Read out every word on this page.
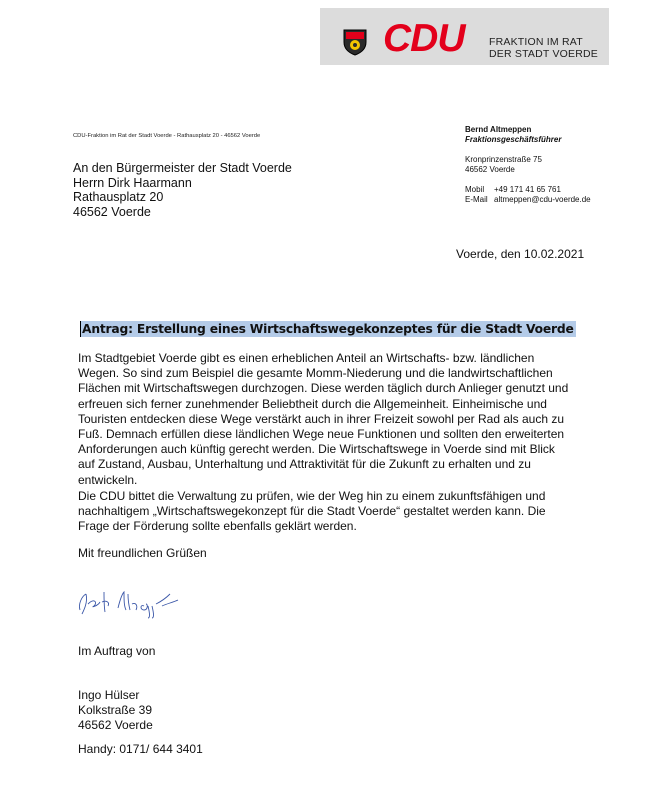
CDU FRAKTION IM RAT
DER STADT VOERDE
CDU-Fraktion im Rat der Stadt Voerde - Rathausplatz 20 - 46562 Voerde
Bernd Altmeppen
Fraktionsgeschäftsführer
Kronprinzenstraße 75
46562 Voerde
Mobil	+49 171 41 65 761
E-Mail altmeppen@cdu-voerde.de
An den Bürgermeister der Stadt Voerde
Herrn Dirk Haarmann
Rathausplatz 20
46562 Voerde
Voerde, den 10.02.2021
Antrag: Erstellung eines Wirtschaftswegekonzeptes für die Stadt Voerde
Im Stadtgebiet Voerde gibt es einen erheblichen Anteil an Wirtschafts- bzw. ländlichen
Wegen. So sind zum Beispiel die gesamte Momm-Niederung und die landwirtschaftlichen
Flächen mit Wirtschaftswegen durchzogen. Diese werden täglich durch Anlieger genutzt und
erfreuen sich ferner zunehmender Beliebtheit durch die Allgemeinheit. Einheimische und
Touristen entdecken diese Wege verstärkt auch in ihrer Freizeit sowohl per Rad als auch zu
Fuß. Demnach erfüllen diese ländlichen Wege neue Funktionen und sollten den erweiterten
Anforderungen auch künftig gerecht werden. Die Wirtschaftswege in Voerde sind mit Blick
auf Zustand, Ausbau, Unterhaltung und Attraktivität für die Zukunft zu erhalten und zu
entwickeln.
Die CDU bittet die Verwaltung zu prüfen, wie der Weg hin zu einem zukunftsfähigen und
nachhaltigem „Wirtschaftswegekonzept für die Stadt Voerde“ gestaltet werden kann. Die
Frage der Förderung sollte ebenfalls geklärt werden.
Mit freundlichen Grüßen
Im Auftrag von
Ingo Hülser
Kolkstraße 39
46562 Voerde
Handy: 0171/ 644 3401
